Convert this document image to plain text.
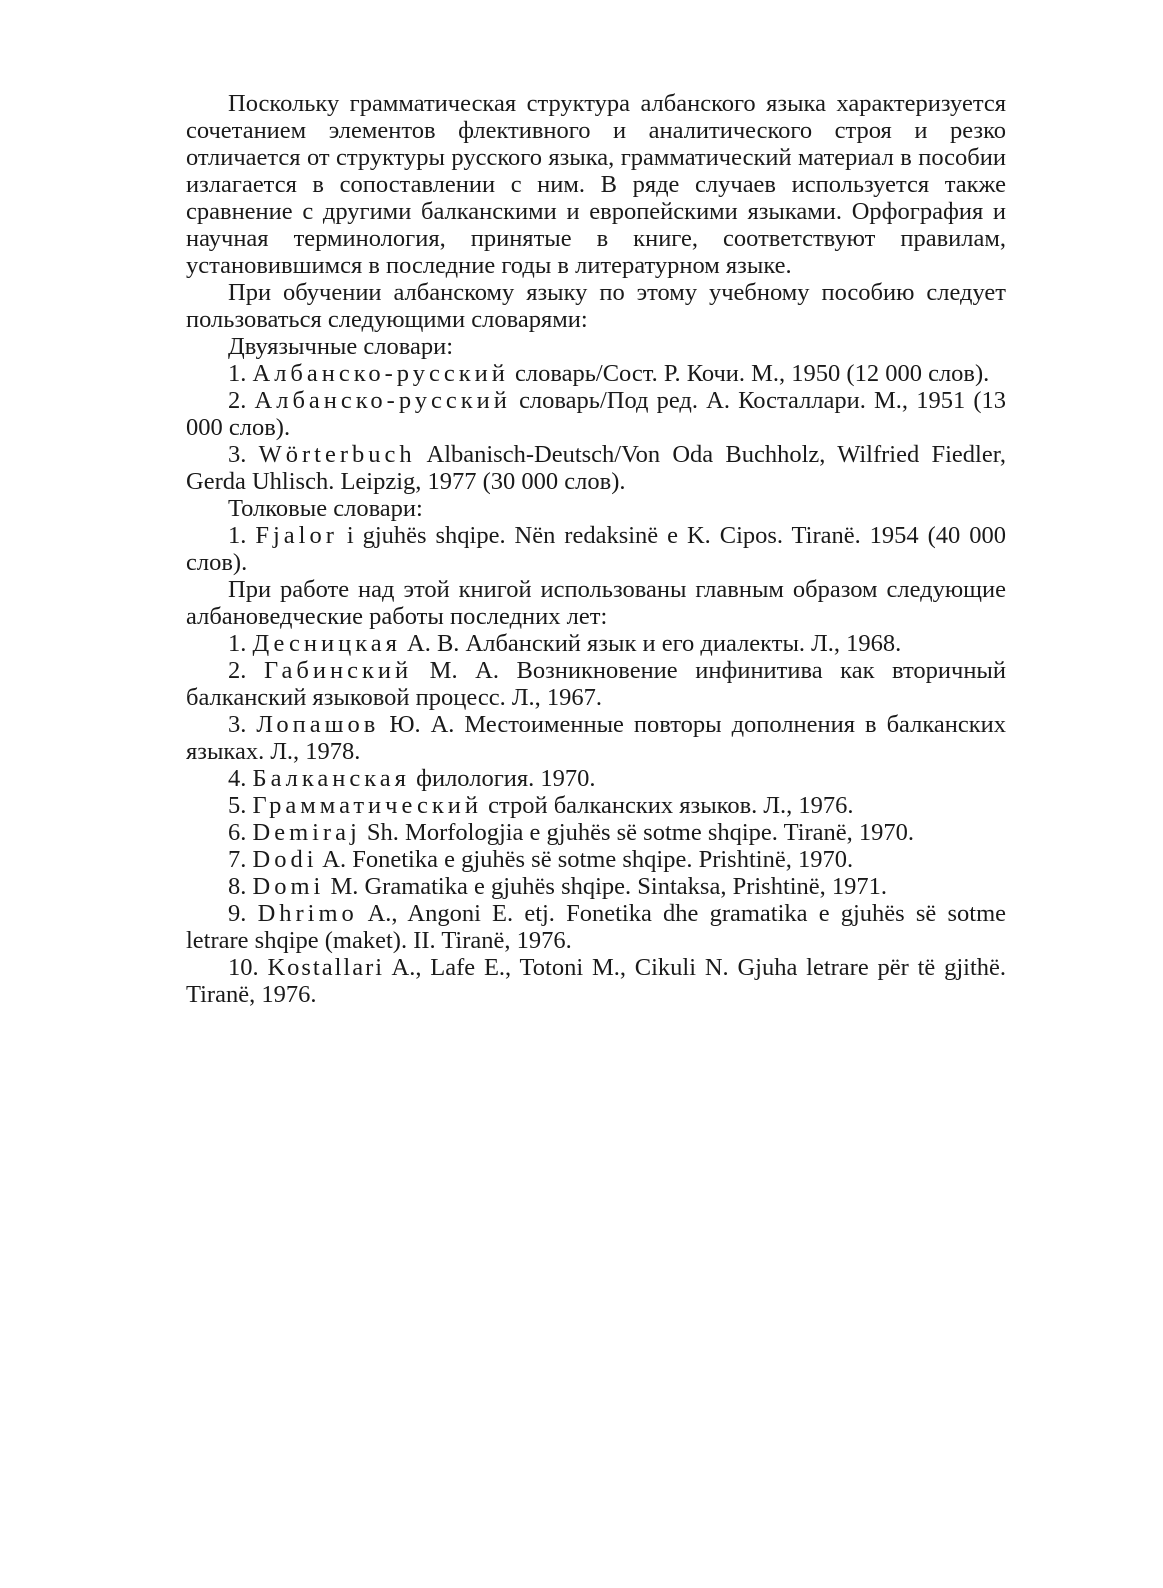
Поскольку грамматическая структура албанского языка характеризуется сочетанием элементов флективного и аналитического строя и резко отличается от структуры русского языка, грамматический материал в пособии излагается в сопоставлении с ним. В ряде случаев используется также сравнение с другими балканскими и европейскими языками. Орфография и научная терминология, принятые в книге, соответствуют правилам, установившимся в последние годы в литературном языке.

При обучении албанскому языку по этому учебному пособию следует пользоваться следующими словарями:

Двуязычные словари:

1. Албанско-русский словарь/Сост. Р. Кочи. М., 1950 (12 000 слов).

2. Албанско-русский словарь/Под ред. А. Косталлари. М., 1951 (13 000 слов).

3. Wörterbuch Albanisch-Deutsch/Von Oda Buchholz, Wilfried Fiedler, Gerda Uhlisch. Leipzig, 1977 (30 000 слов).

Толковые словари:

1. Fjalor i gjuhës shqipe. Nën redaksinë e K. Cipos. Tiranë. 1954 (40 000 слов).

При работе над этой книгой использованы главным образом следующие албановедческие работы последних лет:

1. Десницкая А. В. Албанский язык и его диалекты. Л., 1968.

2. Габинский М. А. Возникновение инфинитива как вторичный балканский языковой процесс. Л., 1967.

3. Лопашов Ю. А. Местоименные повторы дополнения в балканских языках. Л., 1978.

4. Балканская филология. 1970.

5. Грамматический строй балканских языков. Л., 1976.

6. Demiraj Sh. Morfologjia e gjuhës së sotme shqipe. Tiranë, 1970.

7. Dodi A. Fonetika e gjuhës së sotme shqipe. Prishtinë, 1970.

8. Domi M. Gramatika e gjuhës shqipe. Sintaksa, Prishtinë, 1971.

9. Dhrimo A., Angoni E. etj. Fonetika dhe gramatika e gjuhës së sotme letrare shqipe (maket). II. Tiranë, 1976.

10. Kostallari A., Lafe E., Totoni M., Cikuli N. Gjuha letrare për të gjithë. Tiranë, 1976.
